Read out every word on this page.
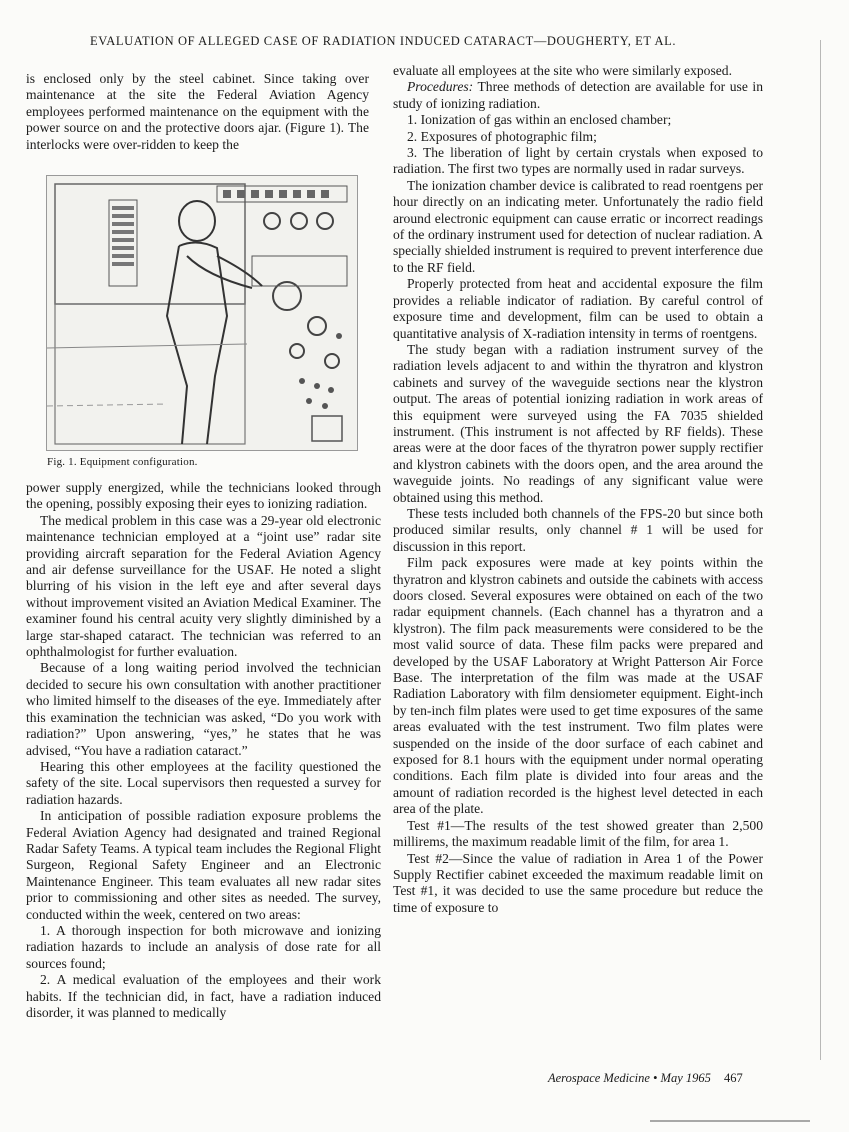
EVALUATION OF ALLEGED CASE OF RADIATION INDUCED CATARACT—DOUGHERTY, ET AL.

is enclosed only by the steel cabinet. Since taking over maintenance at the site the Federal Aviation Agency employees performed maintenance on the equipment with the power source on and the protective doors ajar. (Figure 1). The interlocks were over-ridden to keep the

Fig. 1. Equipment configuration.

power supply energized, while the technicians looked through the opening, possibly exposing their eyes to ionizing radiation.

The medical problem in this case was a 29-year old electronic maintenance technician employed at a “joint use” radar site providing aircraft separation for the Federal Aviation Agency and air defense surveillance for the USAF. He noted a slight blurring of his vision in the left eye and after several days without improvement visited an Aviation Medical Examiner. The examiner found his central acuity very slightly diminished by a large star-shaped cataract. The technician was referred to an ophthalmologist for further evaluation.

Because of a long waiting period involved the technician decided to secure his own consultation with another practitioner who limited himself to the diseases of the eye. Immediately after this examination the technician was asked, “Do you work with radiation?” Upon answering, “yes,” he states that he was advised, “You have a radiation cataract.”

Hearing this other employees at the facility questioned the safety of the site. Local supervisors then requested a survey for radiation hazards.

In anticipation of possible radiation exposure problems the Federal Aviation Agency had designated and trained Regional Radar Safety Teams. A typical team includes the Regional Flight Surgeon, Regional Safety Engineer and an Electronic Maintenance Engineer. This team evaluates all new radar sites prior to commissioning and other sites as needed. The survey, conducted within the week, centered on two areas:

1. A thorough inspection for both microwave and ionizing radiation hazards to include an analysis of dose rate for all sources found;

2. A medical evaluation of the employees and their work habits. If the technician did, in fact, have a radiation induced disorder, it was planned to medically

evaluate all employees at the site who were similarly exposed.

Procedures: Three methods of detection are available for use in study of ionizing radiation.

1. Ionization of gas within an enclosed chamber;

2. Exposures of photographic film;

3. The liberation of light by certain crystals when exposed to radiation. The first two types are normally used in radar surveys.

The ionization chamber device is calibrated to read roentgens per hour directly on an indicating meter. Unfortunately the radio field around electronic equipment can cause erratic or incorrect readings of the ordinary instrument used for detection of nuclear radiation. A specially shielded instrument is required to prevent interference due to the RF field.

Properly protected from heat and accidental exposure the film provides a reliable indicator of radiation. By careful control of exposure time and development, film can be used to obtain a quantitative analysis of X-radiation intensity in terms of roentgens.

The study began with a radiation instrument survey of the radiation levels adjacent to and within the thyratron and klystron cabinets and survey of the waveguide sections near the klystron output. The areas of potential ionizing radiation in work areas of this equipment were surveyed using the FA 7035 shielded instrument. (This instrument is not affected by RF fields). These areas were at the door faces of the thyratron power supply rectifier and klystron cabinets with the doors open, and the area around the waveguide joints. No readings of any significant value were obtained using this method.

These tests included both channels of the FPS-20 but since both produced similar results, only channel # 1 will be used for discussion in this report.

Film pack exposures were made at key points within the thyratron and klystron cabinets and outside the cabinets with access doors closed. Several exposures were obtained on each of the two radar equipment channels. (Each channel has a thyratron and a klystron). The film pack measurements were considered to be the most valid source of data. These film packs were prepared and developed by the USAF Laboratory at Wright Patterson Air Force Base. The interpretation of the film was made at the USAF Radiation Laboratory with film densiometer equipment. Eight-inch by ten-inch film plates were used to get time exposures of the same areas evaluated with the test instrument. Two film plates were suspended on the inside of the door surface of each cabinet and exposed for 8.1 hours with the equipment under normal operating conditions. Each film plate is divided into four areas and the amount of radiation recorded is the highest level detected in each area of the plate.

Test #1—The results of the test showed greater than 2,500 millirems, the maximum readable limit of the film, for area 1.

Test #2—Since the value of radiation in Area 1 of the Power Supply Rectifier cabinet exceeded the maximum readable limit on Test #1, it was decided to use the same procedure but reduce the time of exposure to

Aerospace Medicine • May 1965 467
